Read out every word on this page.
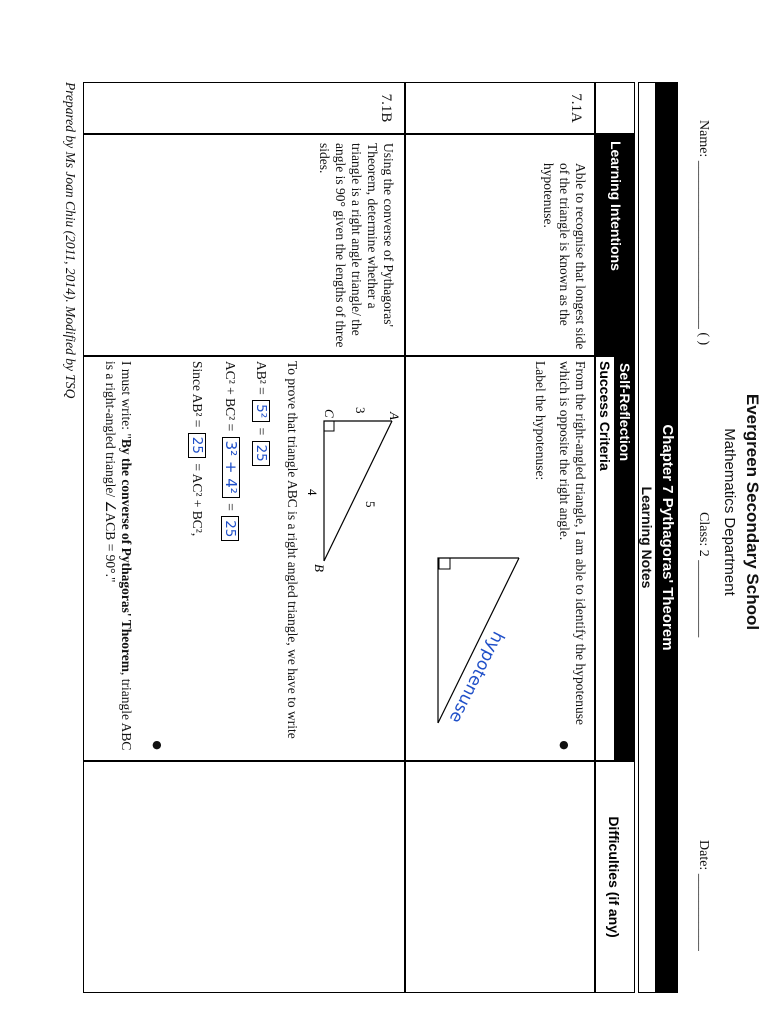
Evergreen Secondary School
Mathematics Department
Name: ________________________ ( )
Class: 2 ___________
Date: ___________
Chapter 7 Pythagoras' Theorem
Learning Notes
Learning Intentions
Self-Reflection
Success Criteria
Difficulties (if any)
7.1A
Able to recognise that longest side of the triangle is known as the hypotenuse.
From the right-angled triangle, I am able to identify the hypotenuse which is opposite the right angle.
●
Label the hypotenuse:
hypotenuse
7.1B
Using the converse of Pythagoras' Theorem, determine whether a triangle is a right angle triangle/ the angle is 90° given the lengths of three sides.
A
B
C
5
3
4
To prove that triangle ABC is a right angled triangle, we have to write
AB² = 5² = 25
AC² + BC² = 3² + 4² = 25
Since AB² = 25 = AC² + BC²,
●
I must write: "By the converse of Pythagoras' Theorem, triangle ABC is a right-angled triangle/ ∠ACB = 90°."
Prepared by Ms Joan Chiu (2011, 2014). Modified by TSQ
